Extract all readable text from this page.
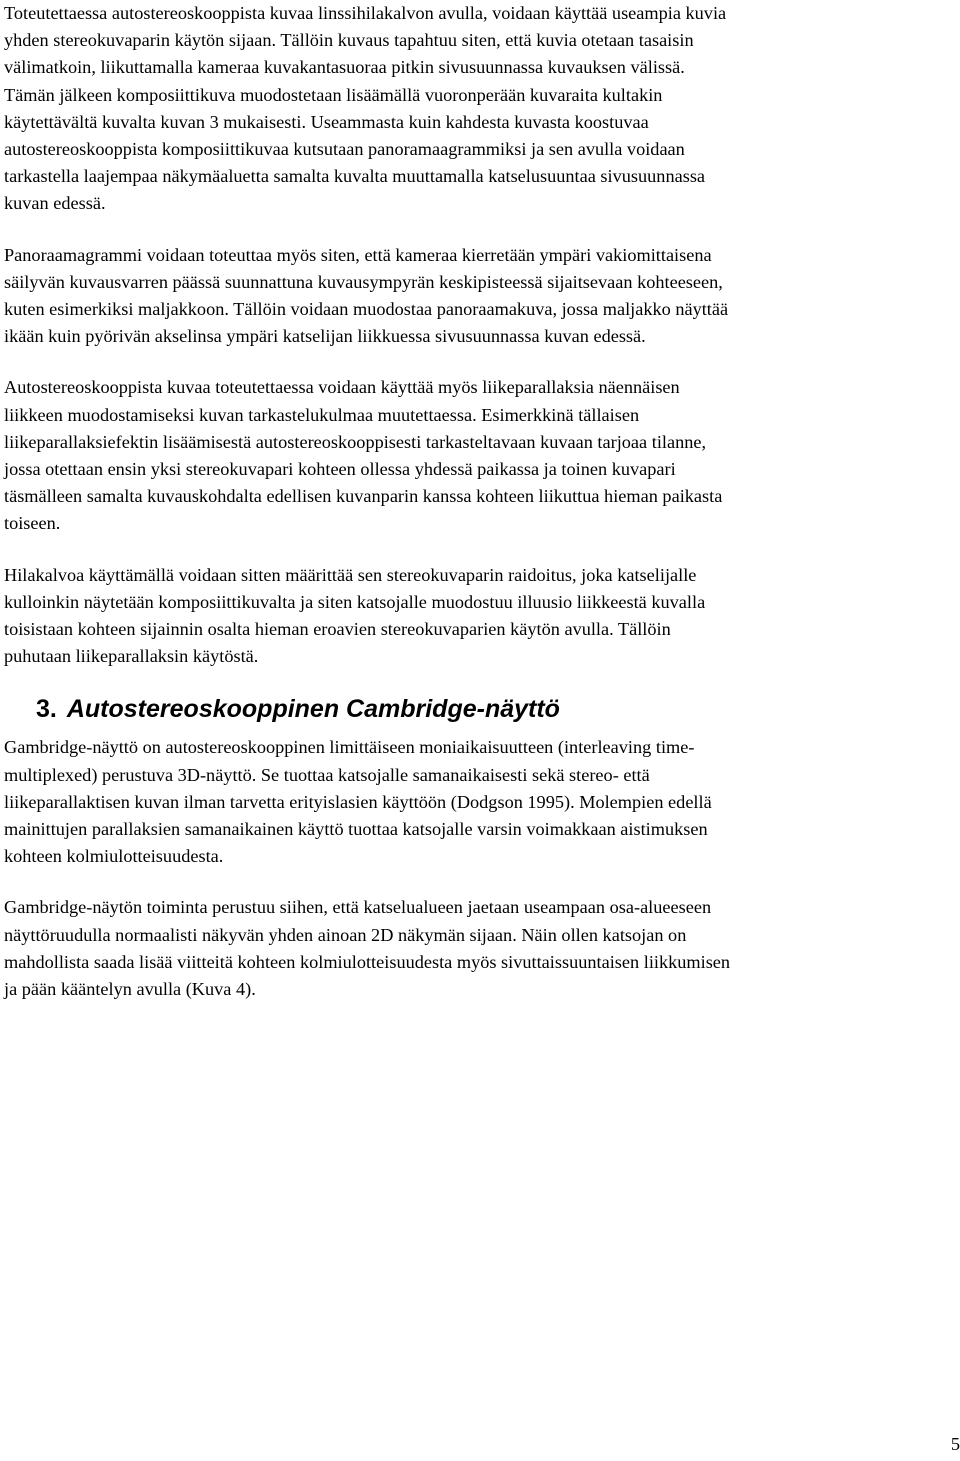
Toteutettaessa autostereoskooppista kuvaa linssihilakalvon avulla, voidaan käyttää useampia kuvia
yhden stereokuvaparin käytön sijaan. Tällöin kuvaus tapahtuu siten, että kuvia otetaan tasaisin
välimatkoin, liikuttamalla kameraa kuvakantasuoraa pitkin sivusuunnassa kuvauksen välissä.
Tämän jälkeen komposiittikuva muodostetaan lisäämällä vuoronperään kuvaraita kultakin
käytettävältä kuvalta kuvan 3 mukaisesti. Useammasta kuin kahdesta kuvasta koostuvaa
autostereoskooppista komposiittikuvaa kutsutaan panoramaagrammiksi ja sen avulla voidaan
tarkastella laajempaa näkymäaluetta samalta kuvalta muuttamalla katselusuuntaa sivusuunnassa
kuvan edessä.

Panoraamagrammi voidaan toteuttaa myös siten, että kameraa kierretään ympäri vakiomittaisena
säilyvän kuvausvarren päässä suunnattuna kuvausympyrän keskipisteessä sijaitsevaan kohteeseen,
kuten esimerkiksi maljakkoon. Tällöin voidaan muodostaa panoraamakuva, jossa maljakko näyttää
ikään kuin pyörivän akselinsa ympäri katselijan liikkuessa sivusuunnassa kuvan edessä.

Autostereoskooppista kuvaa toteutettaessa voidaan käyttää myös liikeparallaksia näennäisen
liikkeen muodostamiseksi kuvan tarkastelukulmaa muutettaessa. Esimerkkinä tällaisen
liikeparallaksiefektin lisäämisestä autostereoskooppisesti tarkasteltavaan kuvaan tarjoaa tilanne,
jossa otettaan ensin yksi stereokuvapari kohteen ollessa yhdessä paikassa ja toinen kuvapari
täsmälleen samalta kuvauskohdalta edellisen kuvanparin kanssa kohteen liikuttua hieman paikasta
toiseen.

Hilakalvoa käyttämällä voidaan sitten määrittää sen stereokuvaparin raidoitus, joka katselijalle
kulloinkin näytetään komposiittikuvalta ja siten katsojalle muodostuu illuusio liikkeestä kuvalla
toisistaan kohteen sijainnin osalta hieman eroavien stereokuvaparien käytön avulla. Tällöin
puhutaan liikeparallaksin käytöstä.

3. Autostereoskooppinen Cambridge-näyttö

Gambridge-näyttö on autostereoskooppinen limittäiseen moniaikaisuutteen (interleaving time-
multiplexed) perustuva 3D-näyttö. Se tuottaa katsojalle samanaikaisesti sekä stereo- että
liikeparallaktisen kuvan ilman tarvetta erityislasien käyttöön (Dodgson 1995). Molempien edellä
mainittujen parallaksien samanaikainen käyttö tuottaa katsojalle varsin voimakkaan aistimuksen
kohteen kolmiulotteisuudesta.

Gambridge-näytön toiminta perustuu siihen, että katselualueen jaetaan useampaan osa-alueeseen
näyttöruudulla normaalisti näkyvän yhden ainoan 2D näkymän sijaan. Näin ollen katsojan on
mahdollista saada lisää viitteitä kohteen kolmiulotteisuudesta myös sivuttaissuuntaisen liikkumisen
ja pään kääntelyn avulla (Kuva 4).

5
